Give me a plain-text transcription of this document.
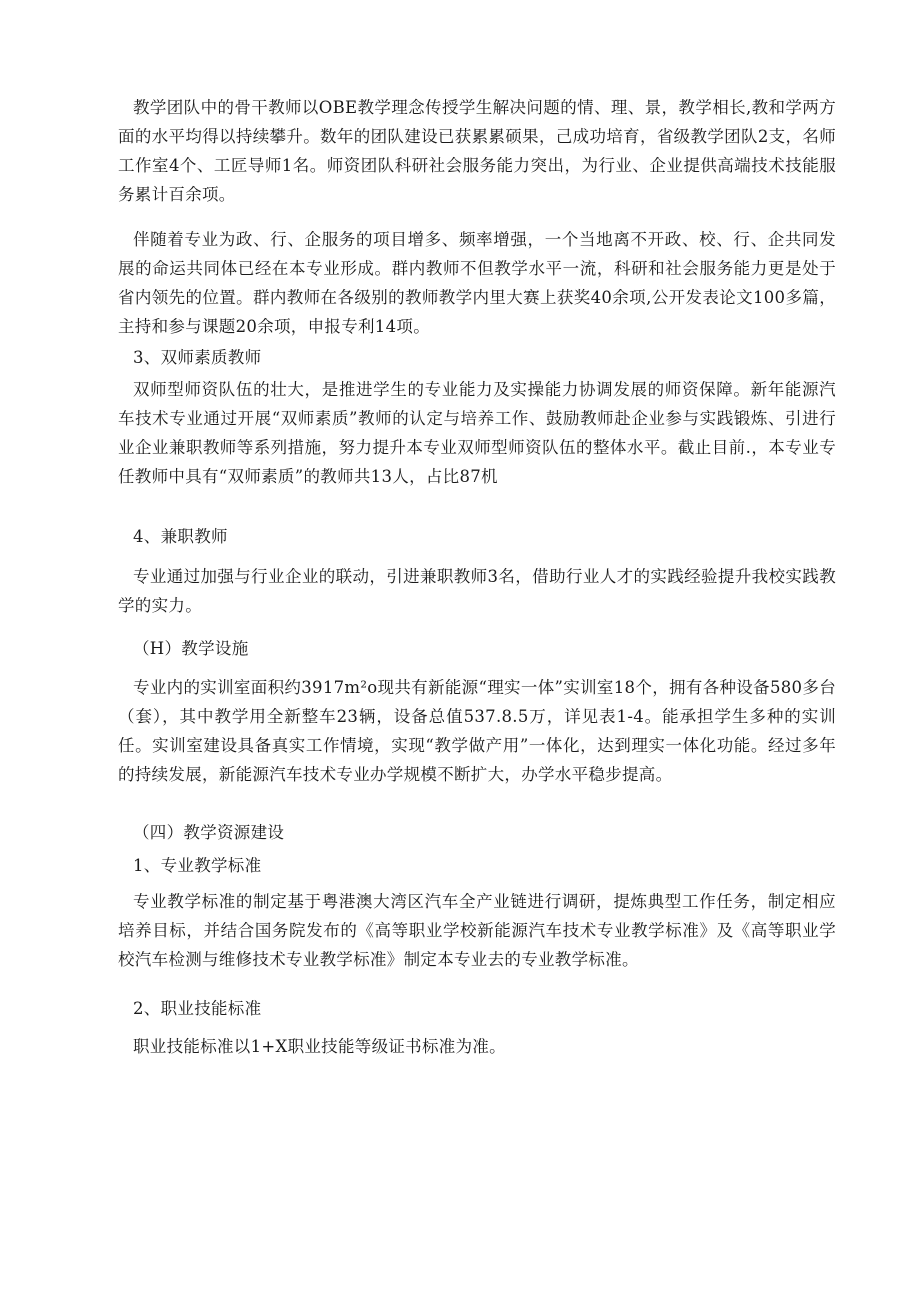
教学团队中的骨干教师以OBE教学理念传授学生解决问题的情、理、景，教学相长,教和学两方面的水平均得以持续攀升。数年的团队建设已获累累硕果，己成功培育，省级教学团队2支，名师工作室4个、工匠导师1名。师资团队科研社会服务能力突出，为行业、企业提供高端技术技能服务累计百余项。

伴随着专业为政、行、企服务的项目增多、频率增强，一个当地离不开政、校、行、企共同发展的命运共同体已经在本专业形成。群内教师不但教学水平一流，科研和社会服务能力更是处于省内领先的位置。群内教师在各级别的教师教学内里大赛上获奖40余项,公开发表论文100多篇，主持和参与课题20余项，申报专利14项。

3、双师素质教师

双师型师资队伍的壮大，是推进学生的专业能力及实操能力协调发展的师资保障。新年能源汽车技术专业通过开展“双师素质”教师的认定与培养工作、鼓励教师赴企业参与实践锻炼、引进行业企业兼职教师等系列措施，努力提升本专业双师型师资队伍的整体水平。截止目前.，本专业专任教师中具有“双师素质”的教师共13人，占比87机

4、兼职教师

专业通过加强与行业企业的联动，引进兼职教师3名，借助行业人才的实践经验提升我校实践教学的实力。

（H）教学设施

专业内的实训室面积约3917m²o现共有新能源“理实一体”实训室18个，拥有各种设备580多台（套），其中教学用全新整车23辆，设备总值537.8.5万，详见表1-4。能承担学生多种的实训任。实训室建设具备真实工作情境，实现“教学做产用”一体化，达到理实一体化功能。经过多年的持续发展，新能源汽车技术专业办学规模不断扩大，办学水平稳步提高。

（四）教学资源建设

1、专业教学标准

专业教学标准的制定基于粤港澳大湾区汽车全产业链进行调研，提炼典型工作任务，制定相应培养目标，并结合国务院发布的《高等职业学校新能源汽车技术专业教学标准》及《高等职业学校汽车检测与维修技术专业教学标准》制定本专业去的专业教学标准。

2、职业技能标准

职业技能标准以1+X职业技能等级证书标准为准。
